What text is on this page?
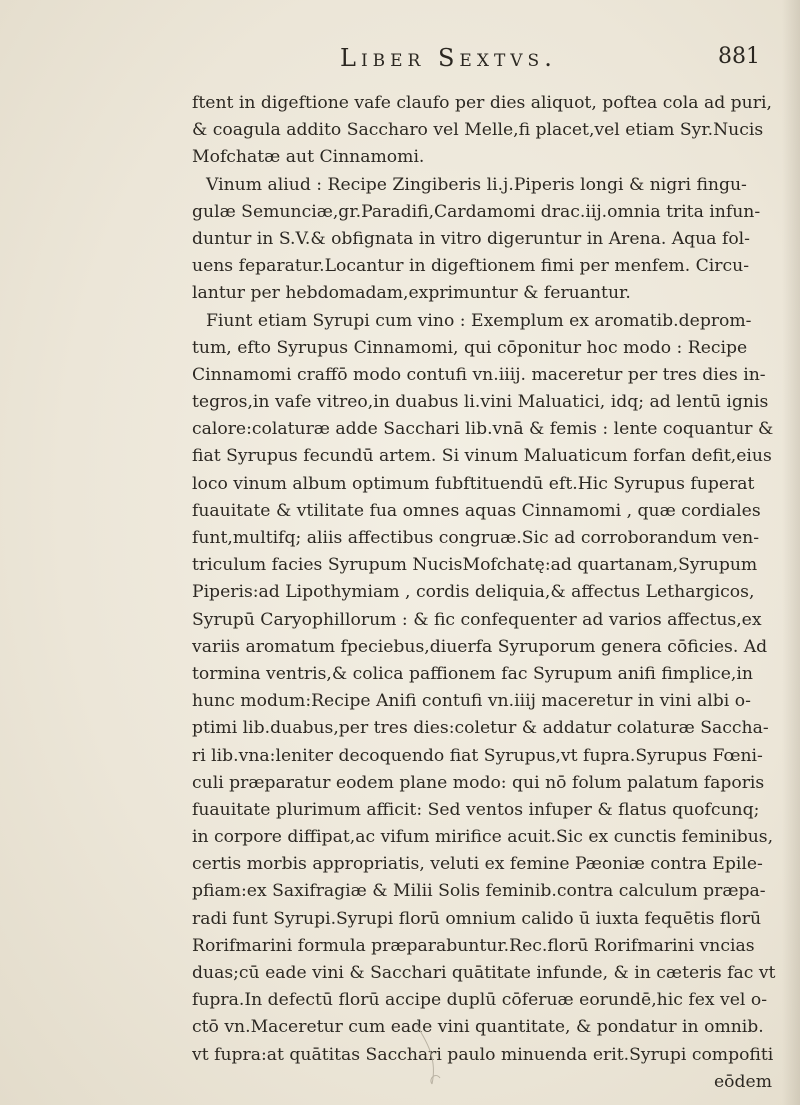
Liber Sextvs.	881
ftent in digeftione vafe claufo per dies aliquot, poftea cola ad puri,
& coagula addito Saccharo vel Melle,fi placet,vel etiam Syr.Nucis
Mofchatæ aut Cinnamomi.
Vinum aliud : Recipe Zingiberis li.j.Piperis longi & nigri fingu-
gulæ Semunciæ,gr.Paradifi,Cardamomi drac.iij.omnia trita infun-
duntur in S.V.& obfignata in vitro digeruntur in Arena. Aqua fol-
uens feparatur.Locantur in digeftionem fimi per menfem. Circu-
lantur per hebdomadam,exprimuntur & feruantur.
Fiunt etiam Syrupi cum vino : Exemplum ex aromatib.deprom-
tum, efto Syrupus Cinnamomi, qui cōponitur hoc modo : Recipe
Cinnamomi craffō modo contufi vn.iiij. maceretur per tres dies in-
tegros,in vafe vitreo,in duabus li.vini Maluatici, idq; ad lentū ignis
calore:colaturæ adde Sacchari lib.vnā & femis : lente coquantur &
fiat Syrupus fecundū artem. Si vinum Maluaticum forfan defit,eius
loco vinum album optimum fubftituendū eft.Hic Syrupus fuperat
fuauitate & vtilitate fua omnes aquas Cinnamomi , quæ cordiales
funt,multifq; aliis affectibus congruæ.Sic ad corroborandum ven-
triculum facies Syrupum NucisMofchatę:ad quartanam,Syrupum
Piperis:ad Lipothymiam , cordis deliquia,& affectus Lethargicos,
Syrupū Caryophillorum : & fic confequenter ad varios affectus,ex
variis aromatum fpeciebus,diuerfa Syruporum genera cōficies. Ad
tormina ventris,& colica paffionem fac Syrupum anifi fimplice,in
hunc modum:Recipe Anifi contufi vn.iiij maceretur in vini albi o-
ptimi lib.duabus,per tres dies:coletur & addatur colaturæ Saccha-
ri lib.vna:leniter decoquendo fiat Syrupus,vt fupra.Syrupus Fœni-
culi præparatur eodem plane modo: qui nō folum palatum faporis
fuauitate plurimum afficit: Sed ventos infuper & flatus quofcunq;
in corpore diffipat,ac vifum mirifice acuit.Sic ex cunctis feminibus,
certis morbis appropriatis, veluti ex femine Pæoniæ contra Epile-
pfiam:ex Saxifragiæ & Milii Solis feminib.contra calculum præpa-
radi funt Syrupi.Syrupi florū omnium calido ū iuxta fequētis florū
Rorifmarini formula præparabuntur.Rec.florū Rorifmarini vncias
duas;cū eade vini & Sacchari quātitate infunde, & in cæteris fac vt
fupra.In defectū florū accipe duplū cōferuæ eorundē,hic fex vel o-
ctō vn.Maceretur cum eade vini quantitate, & pondatur in omnib.
vt fupra:at quātitas Sacchari paulo minuenda erit.Syrupi compofiti
eōdem
